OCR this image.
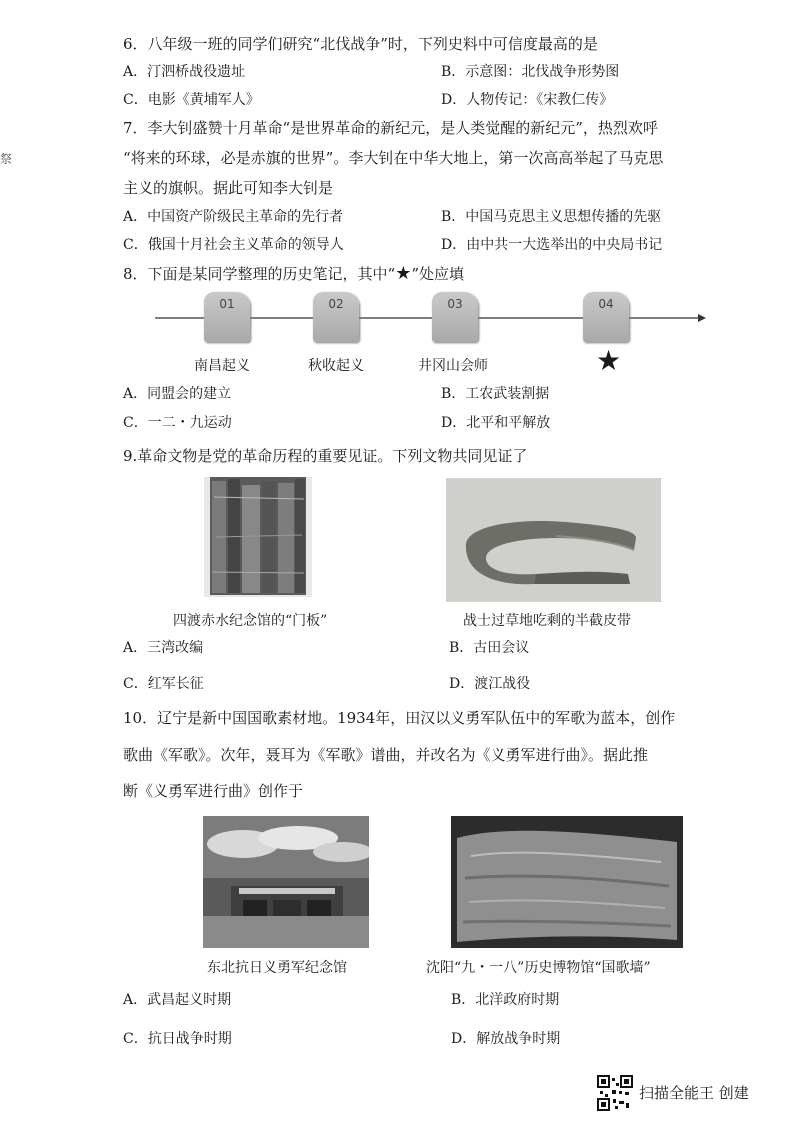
祭
6．八年级一班的同学们研究“北伐战争”时，下列史料中可信度最高的是
A．汀泗桥战役遗址	B．示意图：北伐战争形势图
C．电影《黄埔军人》	D．人物传记：《宋教仁传》
7．李大钊盛赞十月革命“是世界革命的新纪元，是人类觉醒的新纪元”，热烈欢呼
“将来的环球，必是赤旗的世界”。李大钊在中华大地上，第一次高高举起了马克思
主义的旗帜。据此可知李大钊是
A．中国资产阶级民主革命的先行者	B．中国马克思主义思想传播的先驱
C．俄国十月社会主义革命的领导人	D．由中共一大选举出的中央局书记
8．下面是某同学整理的历史笔记，其中“★”处应填
01	02	03	04
南昌起义	秋收起义	井冈山会师	★
A．同盟会的建立	B．工农武装割据
C．一二・九运动	D．北平和平解放
9.革命文物是党的革命历程的重要见证。下列文物共同见证了
四渡赤水纪念馆的“门板”	战士过草地吃剩的半截皮带
A．三湾改编	B．古田会议
C．红军长征	D．渡江战役
10．辽宁是新中国国歌素材地。1934年，田汉以义勇军队伍中的军歌为蓝本，创作
歌曲《军歌》。次年，聂耳为《军歌》谱曲，并改名为《义勇军进行曲》。据此推
断《义勇军进行曲》创作于
东北抗日义勇军纪念馆	沈阳“九・一八”历史博物馆“国歌墙”
A．武昌起义时期	B．北洋政府时期
C．抗日战争时期	D．解放战争时期
扫描全能王 创建
